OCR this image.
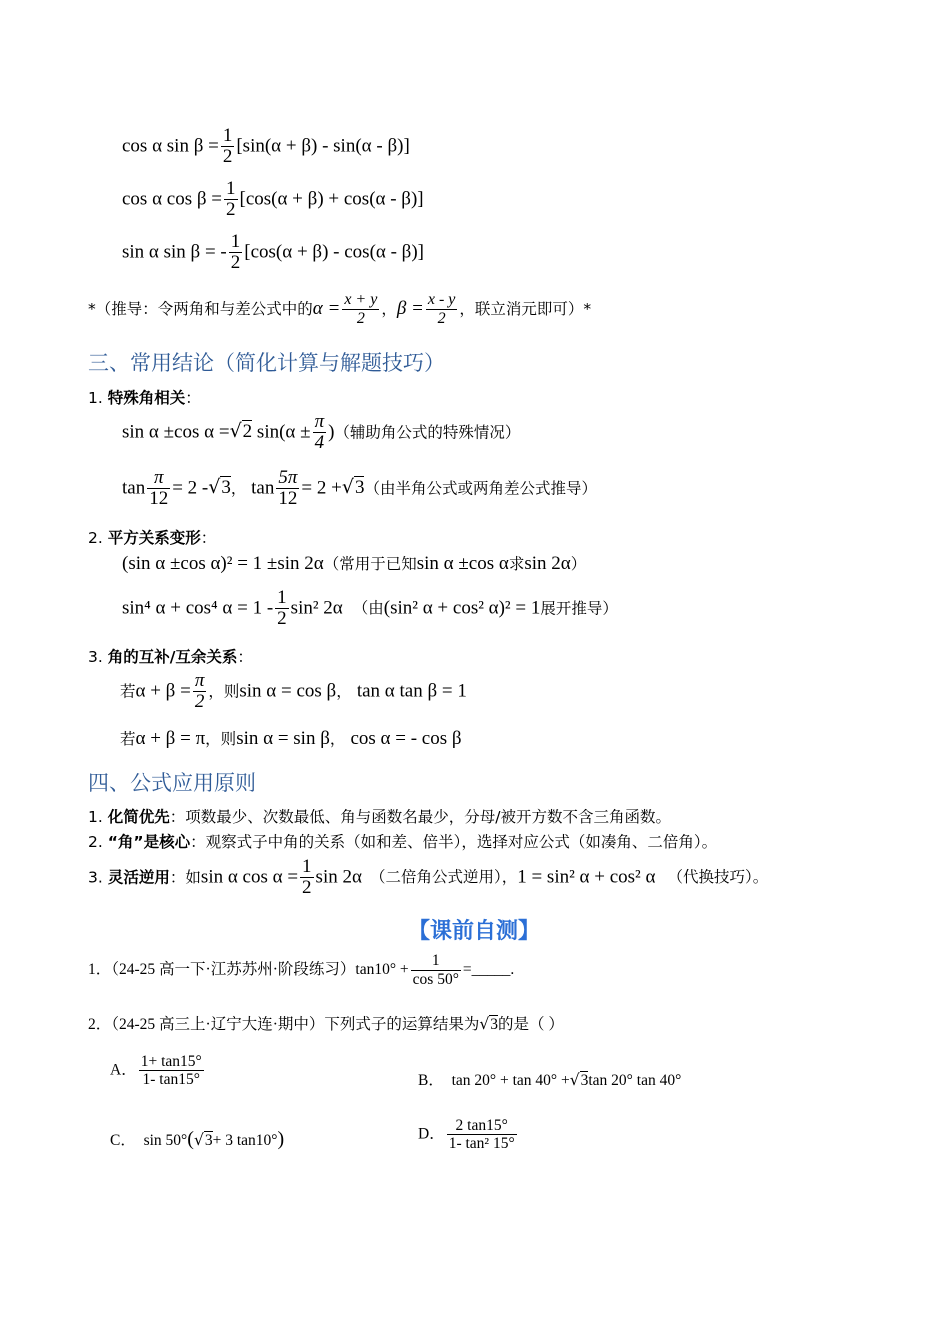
cos α $\sin \beta = \frac{1}{2} [\sin(\alpha + \beta) - \sin(\alpha - \beta)]$
cos α $\cos \beta = \frac{1}{2} [\cos(\alpha + \beta) + \cos(\alpha - \beta)]$
sin α sin β = - $\frac{1}{2} [\cos(\alpha + \beta) - \cos(\alpha - \beta)]$
*（推导：令两角和与差公式中的$\alpha = \frac{x + y}{2}$ ，$\beta = \frac{x - y}{2}$ ，联立消元即可）*
三、常用结论（简化计算与解题技巧）
1. 特殊角相关：
sin α ±cos α =√2 $\sin(\alpha \pm \frac{\pi}{4}$ )（辅助角公式的特殊情况）
$\tan \frac{\pi}{12} = 2$ -√3， $\tan \frac{5\pi}{12} = 2 +√3$（由半角公式或两角差公式推导）
2. 平方关系变形：
(sin α ±cos α)² = 1 ±sin 2α（常用于已知sin α ±cos α求sin 2α）
sin⁴ α + cos⁴ $\alpha = 1 - \frac{1}{2} \sin^2$ 2α （由(sin² α + cos² α)² = 1展开推导）
3. 角的互补/互余关系：
若$\alpha + \beta = \frac{\pi}{2}$ ，则sin α = cos β， tan α tan β = 1
若α + β = π，则sin α = sin β， cos α = - cos β
四、公式应用原则
1. 化简优先：项数最少、次数最低、角与函数名最少，分母/被开方数不含三角函数。
2. “角”是核心：观察式子中角的关系（如和差、倍半），选择对应公式（如凑角、二倍角）。
3. 灵活逆用：如sin α $\cos \alpha = \frac{1}{2}$ sin 2α （二倍角公式逆用），1 = sin² α + cos² α （代换技巧）。
【课前自测】
1．（24-25 高一下·江苏苏州·阶段练习）$\tan 10^\circ + \frac{1}{\cos 50^\circ}$ =_____.
2．（24-25 高三上·辽宁大连·期中）下列式子的运算结果为√3的是（ ）
A． $\frac{1+ \tan 15^\circ}{1- \tan 15^\circ}$	B． tan 20° + tan 40° +√3tan 20° tan 40°
C． sin 50°(√3+ 3 tan10°)	D． $\frac{2 \tan 15^\circ}{\text{1- tan² 15°}}$
